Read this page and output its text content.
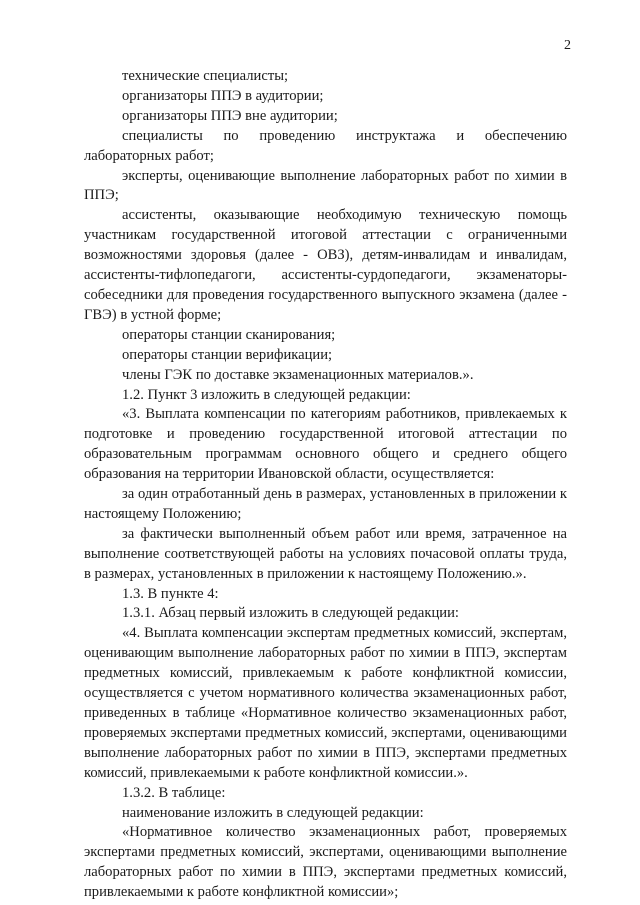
2

технические специалисты;

организаторы ППЭ в аудитории;

организаторы ППЭ вне аудитории;

специалисты по проведению инструктажа и обеспечению лабораторных работ;

эксперты, оценивающие выполнение лабораторных работ по химии в ППЭ;

ассистенты, оказывающие необходимую техническую помощь участникам государственной итоговой аттестации с ограниченными возможностями здоровья (далее - ОВЗ), детям-инвалидам и инвалидам, ассистенты-тифлопедагоги, ассистенты-сурдопедагоги, экзаменаторы-собеседники для проведения государственного выпускного экзамена (далее - ГВЭ) в устной форме;

операторы станции сканирования;

операторы станции верификации;

члены ГЭК по доставке экзаменационных материалов.».

1.2. Пункт 3 изложить в следующей редакции:

«3. Выплата компенсации по категориям работников, привлекаемых к подготовке и проведению государственной итоговой аттестации по образовательным программам основного общего и среднего общего образования на территории Ивановской области, осуществляется:

за один отработанный день в размерах, установленных в приложении к настоящему Положению;

за фактически выполненный объем работ или время, затраченное на выполнение соответствующей работы на условиях почасовой оплаты труда, в размерах, установленных в приложении к настоящему Положению.».

1.3. В пункте 4:

1.3.1. Абзац первый изложить в следующей редакции:

«4. Выплата компенсации экспертам предметных комиссий, экспертам, оценивающим выполнение лабораторных работ по химии в ППЭ, экспертам предметных комиссий, привлекаемым к работе конфликтной комиссии, осуществляется с учетом нормативного количества экзаменационных работ, приведенных в таблице «Нормативное количество экзаменационных работ, проверяемых экспертами предметных комиссий, экспертами, оценивающими выполнение лабораторных работ по химии в ППЭ, экспертами предметных комиссий, привлекаемыми к работе конфликтной комиссии.».

1.3.2. В таблице:

наименование изложить в следующей редакции:

«Нормативное количество экзаменационных работ, проверяемых экспертами предметных комиссий, экспертами, оценивающими выполнение лабораторных работ по химии в ППЭ, экспертами предметных комиссий, привлекаемыми к работе конфликтной комиссии»;
